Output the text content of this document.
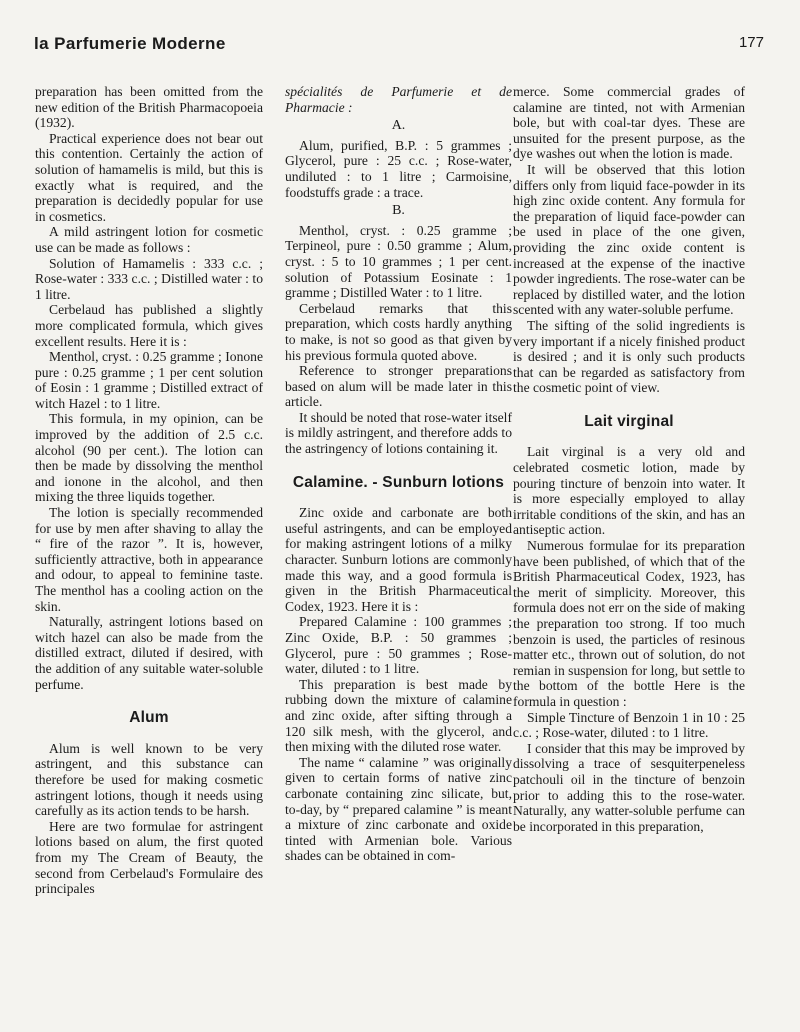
la Parfumerie Moderne	177

preparation has been omitted from the new edition of the British Pharmacopoeia (1932).

Practical experience does not bear out this contention. Certainly the action of solution of hamamelis is mild, but this is exactly what is required, and the preparation is decidedly popular for use in cosmetics.

A mild astringent lotion for cosmetic use can be made as follows :

Solution of Hamamelis : 333 c.c. ; Rose-water : 333 c.c. ; Distilled water : to 1 litre.

Cerbelaud has published a slightly more complicated formula, which gives excellent results. Here it is :

Menthol, cryst. : 0.25 gramme ; Ionone pure : 0.25 gramme ; 1 per cent solution of Eosin : 1 gramme ; Distilled extract of witch Hazel : to 1 litre.

This formula, in my opinion, can be improved by the addition of 2.5 c.c. alcohol (90 per cent.). The lotion can then be made by dissolving the menthol and ionone in the alcohol, and then mixing the three liquids together.

The lotion is specially recommended for use by men after shaving to allay the “ fire of the razor ”. It is, however, sufficiently attractive, both in appearance and odour, to appeal to feminine taste. The menthol has a cooling action on the skin.

Naturally, astringent lotions based on witch hazel can also be made from the distilled extract, diluted if desired, with the addition of any suitable water-soluble perfume.

Alum

Alum is well known to be very astringent, and this substance can therefore be used for making cosmetic astringent lotions, though it needs using carefully as its action tends to be harsh.

Here are two formulae for astringent lotions based on alum, the first quoted from my The Cream of Beauty, the second from Cerbelaud's Formulaire des principales

spécialités de Parfumerie et de Pharmacie :

A.

Alum, purified, B.P. : 5 grammes ; Glycerol, pure : 25 c.c. ; Rose-water, undiluted : to 1 litre ; Carmoisine, foodstuffs grade : a trace.

B.

Menthol, cryst. : 0.25 gramme ; Terpineol, pure : 0.50 gramme ; Alum, cryst. : 5 to 10 grammes ; 1 per cent. solution of Potassium Eosinate : 1 gramme ; Distilled Water : to 1 litre.

Cerbelaud remarks that this preparation, which costs hardly anything to make, is not so good as that given by his previous formula quoted above.

Reference to stronger preparations based on alum will be made later in this article.

It should be noted that rose-water itself is mildly astringent, and therefore adds to the astringency of lotions containing it.

Calamine. - Sunburn lotions

Zinc oxide and carbonate are both useful astringents, and can be employed for making astringent lotions of a milky character. Sunburn lotions are commonly made this way, and a good formula is given in the British Pharmaceutical Codex, 1923. Here it is :

Prepared Calamine : 100 grammes ; Zinc Oxide, B.P. : 50 grammes ; Glycerol, pure : 50 grammes ; Rose-water, diluted : to 1 litre.

This preparation is best made by rubbing down the mixture of calamine and zinc oxide, after sifting through a 120 silk mesh, with the glycerol, and then mixing with the diluted rose water.

The name “ calamine ” was originally given to certain forms of native zinc carbonate containing zinc silicate, but, to-day, by “ prepared calamine ” is meant a mixture of zinc carbonate and oxide tinted with Armenian bole. Various shades can be obtained in com-

merce. Some commercial grades of calamine are tinted, not with Armenian bole, but with coal-tar dyes. These are unsuited for the present purpose, as the dye washes out when the lotion is made.

It will be observed that this lotion differs only from liquid face-powder in its high zinc oxide content. Any formula for the preparation of liquid face-powder can be used in place of the one given, providing the zinc oxide content is increased at the expense of the inactive powder ingredients. The rose-water can be replaced by distilled water, and the lotion scented with any water-soluble perfume.

The sifting of the solid ingredients is very important if a nicely finished product is desired ; and it is only such products that can be regarded as satisfactory from the cosmetic point of view.

Lait virginal

Lait virginal is a very old and celebrated cosmetic lotion, made by pouring tincture of benzoin into water. It is more especially employed to allay irritable conditions of the skin, and has an antiseptic action.

Numerous formulae for its preparation have been published, of which that of the British Pharmaceutical Codex, 1923, has the merit of simplicity. Moreover, this formula does not err on the side of making the preparation too strong. If too much benzoin is used, the particles of resinous matter etc., thrown out of solution, do not remian in suspension for long, but settle to the bottom of the bottle Here is the formula in question :

Simple Tincture of Benzoin 1 in 10 : 25 c.c. ; Rose-water, diluted : to 1 litre.

I consider that this may be improved by dissolving a trace of sesquiterpeneless patchouli oil in the tincture of benzoin prior to adding this to the rose-water. Naturally, any watter-soluble perfume can be incorporated in this preparation,
